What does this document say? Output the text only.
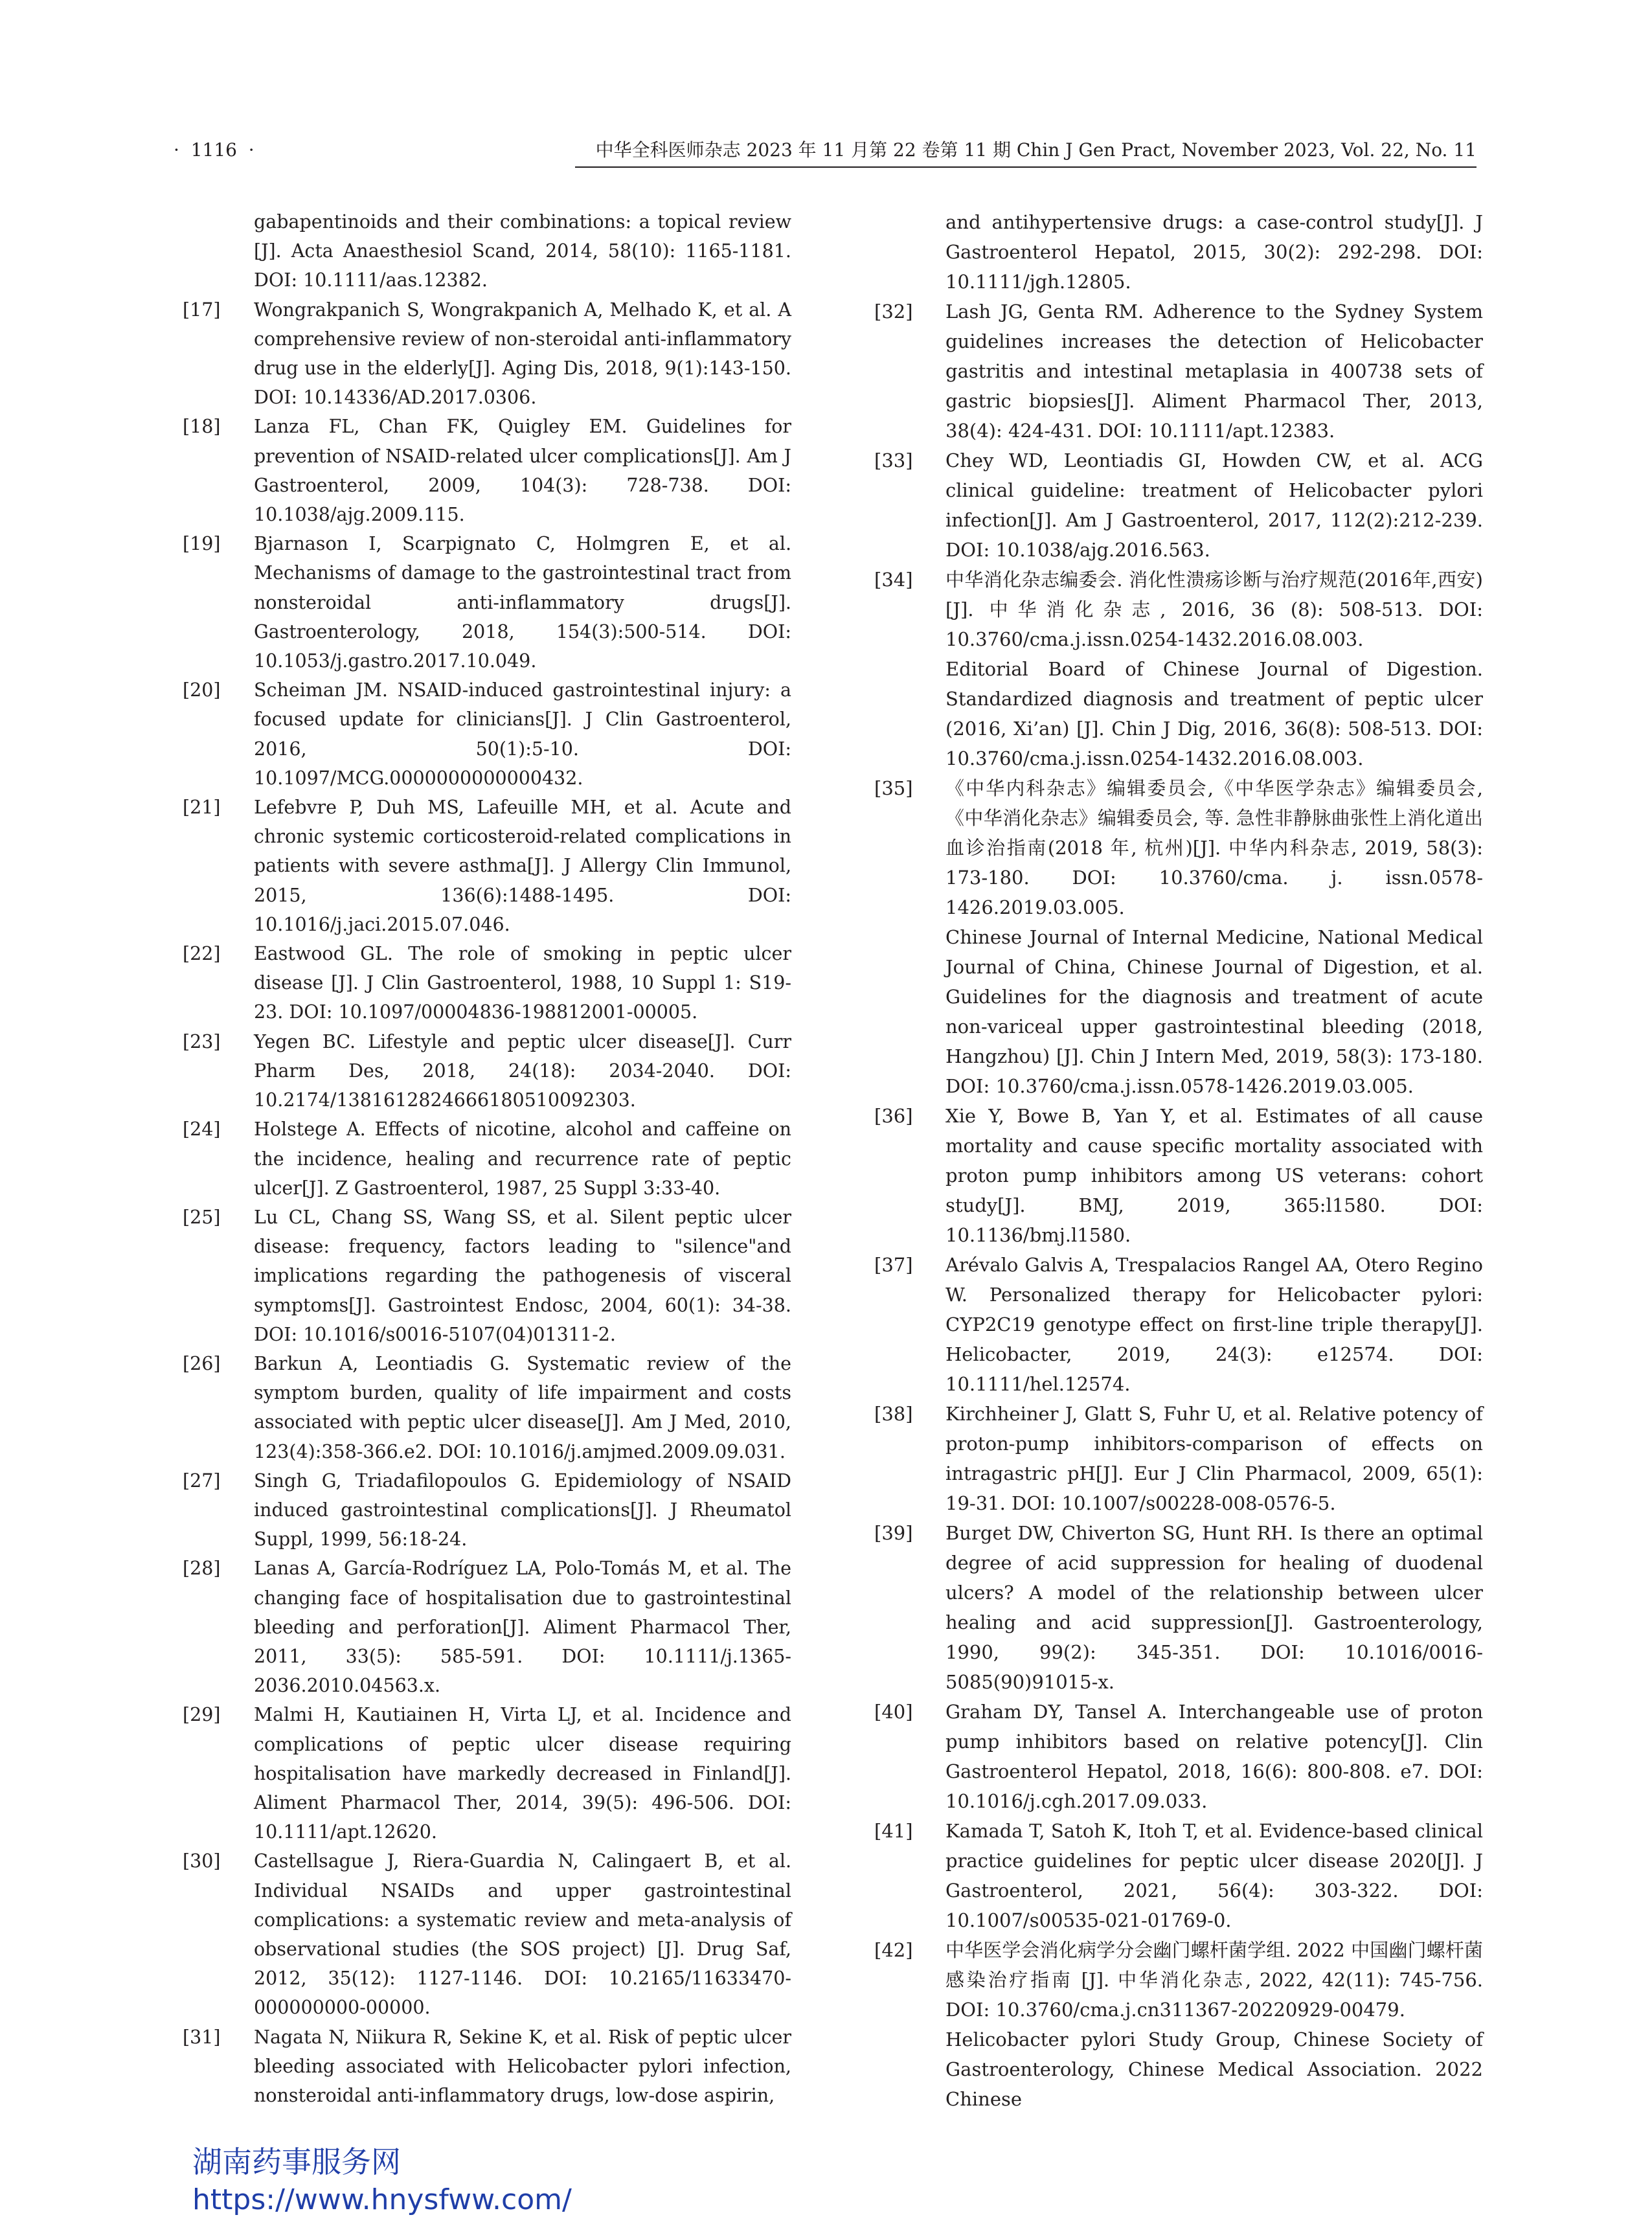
·  1116  ·	中华全科医师杂志 2023 年 11 月第 22 卷第 11 期 Chin J Gen Pract, November 2023, Vol. 22, No. 11
gabapentinoids and their combinations: a topical review [J]. Acta Anaesthesiol Scand, 2014, 58(10): 1165-1181. DOI: 10.1111/aas.12382.
[17]	Wongrakpanich S, Wongrakpanich A, Melhado K, et al. A comprehensive review of non-steroidal anti-inflammatory drug use in the elderly[J]. Aging Dis, 2018, 9(1):143-150. DOI: 10.14336/AD.2017.0306.
[18]	Lanza FL, Chan FK, Quigley EM. Guidelines for prevention of NSAID-related ulcer complications[J]. Am J Gastroenterol, 2009, 104(3): 728-738. DOI: 10.1038/ajg.2009.115.
[19]	Bjarnason I, Scarpignato C, Holmgren E, et al. Mechanisms of damage to the gastrointestinal tract from nonsteroidal anti-inflammatory drugs[J]. Gastroenterology, 2018, 154(3):500-514. DOI: 10.1053/j.gastro.2017.10.049.
[20]	Scheiman JM. NSAID-induced gastrointestinal injury: a focused update for clinicians[J]. J Clin Gastroenterol, 2016, 50(1):5-10. DOI: 10.1097/MCG.0000000000000432.
[21]	Lefebvre P, Duh MS, Lafeuille MH, et al. Acute and chronic systemic corticosteroid-related complications in patients with severe asthma[J]. J Allergy Clin Immunol, 2015, 136(6):1488-1495. DOI: 10.1016/j.jaci.2015.07.046.
[22]	Eastwood GL. The role of smoking in peptic ulcer disease [J]. J Clin Gastroenterol, 1988, 10 Suppl 1: S19-23. DOI: 10.1097/00004836-198812001-00005.
[23]	Yegen BC. Lifestyle and peptic ulcer disease[J]. Curr Pharm Des, 2018, 24(18): 2034-2040. DOI: 10.2174/1381612824666180510092303.
[24]	Holstege A. Effects of nicotine, alcohol and caffeine on the incidence, healing and recurrence rate of peptic ulcer[J]. Z Gastroenterol, 1987, 25 Suppl 3:33-40.
[25]	Lu CL, Chang SS, Wang SS, et al. Silent peptic ulcer disease: frequency, factors leading to "silence"and implications regarding the pathogenesis of visceral symptoms[J]. Gastrointest Endosc, 2004, 60(1): 34-38. DOI: 10.1016/s0016-5107(04)01311-2.
[26]	Barkun A, Leontiadis G. Systematic review of the symptom burden, quality of life impairment and costs associated with peptic ulcer disease[J]. Am J Med, 2010, 123(4):358-366.e2. DOI: 10.1016/j.amjmed.2009.09.031.
[27]	Singh G, Triadafilopoulos G. Epidemiology of NSAID induced gastrointestinal complications[J]. J Rheumatol Suppl, 1999, 56:18-24.
[28]	Lanas A, García-Rodríguez LA, Polo-Tomás M, et al. The changing face of hospitalisation due to gastrointestinal bleeding and perforation[J]. Aliment Pharmacol Ther, 2011, 33(5): 585-591. DOI: 10.1111/j.1365-2036.2010.04563.x.
[29]	Malmi H, Kautiainen H, Virta LJ, et al. Incidence and complications of peptic ulcer disease requiring hospitalisation have markedly decreased in Finland[J]. Aliment Pharmacol Ther, 2014, 39(5): 496-506. DOI: 10.1111/apt.12620.
[30]	Castellsague J, Riera-Guardia N, Calingaert B, et al. Individual NSAIDs and upper gastrointestinal complications: a systematic review and meta-analysis of observational studies (the SOS project) [J]. Drug Saf, 2012, 35(12): 1127-1146. DOI: 10.2165/11633470-000000000-00000.
[31]	Nagata N, Niikura R, Sekine K, et al. Risk of peptic ulcer bleeding associated with Helicobacter pylori infection, nonsteroidal anti-inflammatory drugs, low-dose aspirin,
and antihypertensive drugs: a case-control study[J]. J Gastroenterol Hepatol, 2015, 30(2): 292-298. DOI: 10.1111/jgh.12805.
[32]	Lash JG, Genta RM. Adherence to the Sydney System guidelines increases the detection of Helicobacter gastritis and intestinal metaplasia in 400738 sets of gastric biopsies[J]. Aliment Pharmacol Ther, 2013, 38(4): 424-431. DOI: 10.1111/apt.12383.
[33]	Chey WD, Leontiadis GI, Howden CW, et al. ACG clinical guideline: treatment of Helicobacter pylori infection[J]. Am J Gastroenterol, 2017, 112(2):212-239. DOI: 10.1038/ajg.2016.563.
[34]	中华消化杂志编委会. 消化性溃疡诊断与治疗规范(2016年,西安) [J]. 中华消化杂志, 2016, 36 (8): 508-513. DOI: 10.3760/cma.j.issn.0254-1432.2016.08.003.
Editorial Board of Chinese Journal of Digestion. Standardized diagnosis and treatment of peptic ulcer (2016, Xi’an) [J]. Chin J Dig, 2016, 36(8): 508-513. DOI: 10.3760/cma.j.issn.0254-1432.2016.08.003.
[35]	《中华内科杂志》编辑委员会,《中华医学杂志》编辑委员会,《中华消化杂志》编辑委员会, 等. 急性非静脉曲张性上消化道出血诊治指南(2018 年, 杭州)[J]. 中华内科杂志, 2019, 58(3): 173-180. DOI: 10.3760/cma. j. issn.0578-1426.2019.03.005.
Chinese Journal of Internal Medicine, National Medical Journal of China, Chinese Journal of Digestion, et al. Guidelines for the diagnosis and treatment of acute non-variceal upper gastrointestinal bleeding (2018, Hangzhou) [J]. Chin J Intern Med, 2019, 58(3): 173-180. DOI: 10.3760/cma.j.issn.0578-1426.2019.03.005.
[36]	Xie Y, Bowe B, Yan Y, et al. Estimates of all cause mortality and cause specific mortality associated with proton pump inhibitors among US veterans: cohort study[J]. BMJ, 2019, 365:l1580. DOI: 10.1136/bmj.l1580.
[37]	Arévalo Galvis A, Trespalacios Rangel AA, Otero Regino W. Personalized therapy for Helicobacter pylori: CYP2C19 genotype effect on first-line triple therapy[J]. Helicobacter, 2019, 24(3): e12574. DOI: 10.1111/hel.12574.
[38]	Kirchheiner J, Glatt S, Fuhr U, et al. Relative potency of proton-pump inhibitors-comparison of effects on intragastric pH[J]. Eur J Clin Pharmacol, 2009, 65(1): 19-31. DOI: 10.1007/s00228-008-0576-5.
[39]	Burget DW, Chiverton SG, Hunt RH. Is there an optimal degree of acid suppression for healing of duodenal ulcers? A model of the relationship between ulcer healing and acid suppression[J]. Gastroenterology, 1990, 99(2): 345-351. DOI: 10.1016/0016-5085(90)91015-x.
[40]	Graham DY, Tansel A. Interchangeable use of proton pump inhibitors based on relative potency[J]. Clin Gastroenterol Hepatol, 2018, 16(6): 800-808. e7. DOI: 10.1016/j.cgh.2017.09.033.
[41]	Kamada T, Satoh K, Itoh T, et al. Evidence-based clinical practice guidelines for peptic ulcer disease 2020[J]. J Gastroenterol, 2021, 56(4): 303-322. DOI: 10.1007/s00535-021-01769-0.
[42]	中华医学会消化病学分会幽门螺杆菌学组. 2022 中国幽门螺杆菌感染治疗指南 [J]. 中华消化杂志, 2022, 42(11): 745-756. DOI: 10.3760/cma.j.cn311367-20220929-00479.
Helicobacter pylori Study Group, Chinese Society of Gastroenterology, Chinese Medical Association. 2022 Chinese
湖南药事服务网
https://www.hnysfww.com/
